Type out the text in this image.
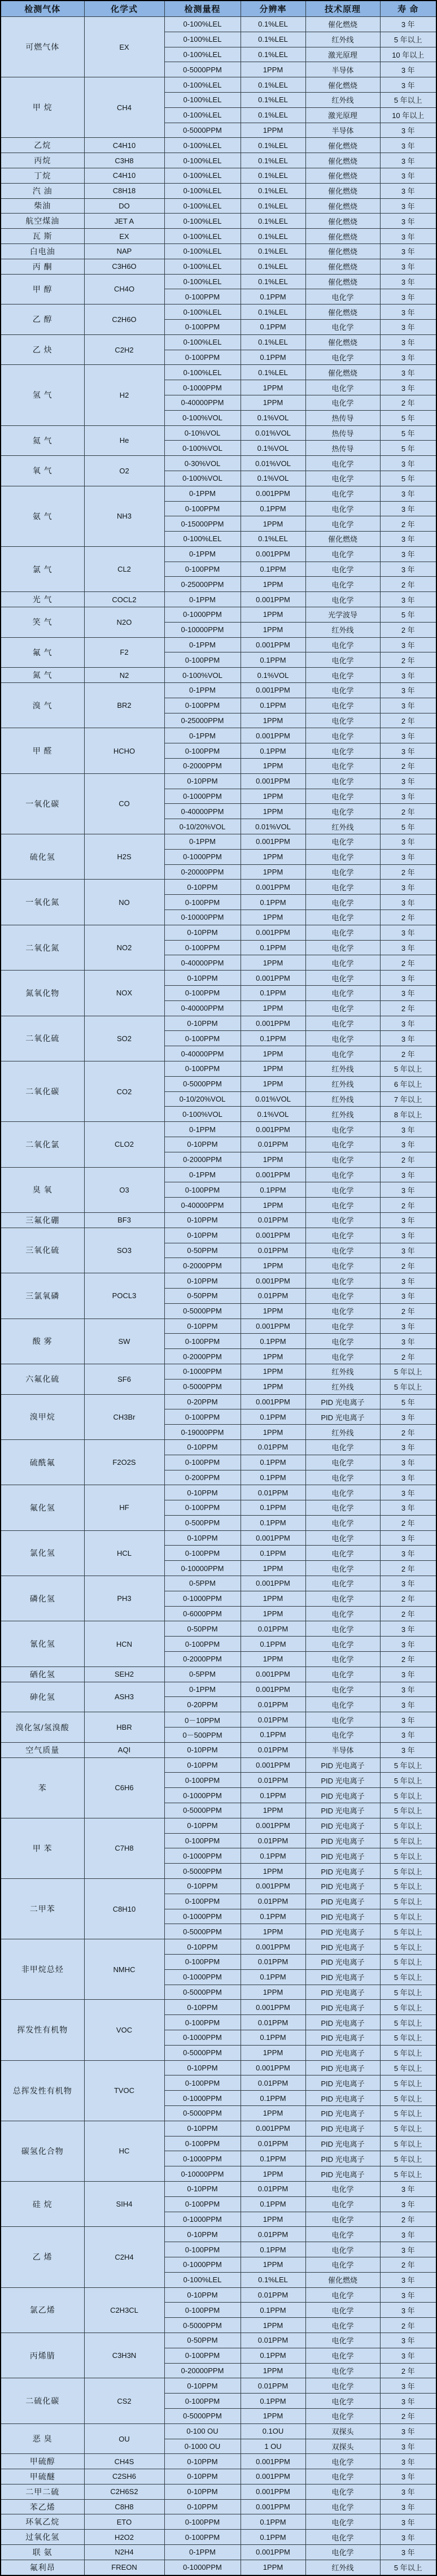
检测气体	化学式	检测量程	分辨率	技术原理	寿 命
可燃气体	EX	0-100%LEL	0.1%LEL	催化燃烧	3 年
		0-100%LEL	0.1%LEL	红外线	5 年以上
		0-100%LEL	0.1%LEL	激光原理	10 年以上
		0-5000PPM	1PPM	半导体	3 年
甲 烷	CH4	0-100%LEL	0.1%LEL	催化燃烧	3 年
		0-100%LEL	0.1%LEL	红外线	5 年以上
		0-100%LEL	0.1%LEL	激光原理	10 年以上
		0-5000PPM	1PPM	半导体	3 年
乙烷	C4H10	0-100%LEL	0.1%LEL	催化燃烧	3 年
丙烷	C3H8	0-100%LEL	0.1%LEL	催化燃烧	3 年
丁烷	C4H10	0-100%LEL	0.1%LEL	催化燃烧	3 年
汽 油	C8H18	0-100%LEL	0.1%LEL	催化燃烧	3 年
柴油	DO	0-100%LEL	0.1%LEL	催化燃烧	3 年
航空煤油	JET A	0-100%LEL	0.1%LEL	催化燃烧	3 年
瓦 斯	EX	0-100%LEL	0.1%LEL	催化燃烧	3 年
白电油	NAP	0-100%LEL	0.1%LEL	催化燃烧	3 年
丙 酮	C3H6O	0-100%LEL	0.1%LEL	催化燃烧	3 年
甲 醇	CH4O	0-100%LEL	0.1%LEL	催化燃烧	3 年
		0-100PPM	0.1PPM	电化学	3 年
乙 醇	C2H6O	0-100%LEL	0.1%LEL	催化燃烧	3 年
		0-100PPM	0.1PPM	电化学	3 年
乙 炔	C2H2	0-100%LEL	0.1%LEL	催化燃烧	3 年
		0-100PPM	0.1PPM	电化学	3 年
氢 气	H2	0-100%LEL	0.1%LEL	催化燃烧	3 年
		0-1000PPM	1PPM	电化学	3 年
		0-40000PPM	1PPM	电化学	2 年
		0-100%VOL	0.1%VOL	热传导	5 年
氦 气	He	0-10%VOL	0.01%VOL	热传导	5 年
		0-100%VOL	0.1%VOL	热传导	5 年
氧 气	O2	0-30%VOL	0.01%VOL	电化学	3 年
		0-100%VOL	0.1%VOL	电化学	5 年
氨 气	NH3	0-1PPM	0.001PPM	电化学	3 年
		0-100PPM	0.1PPM	电化学	3 年
		0-15000PPM	1PPM	电化学	2 年
		0-100%LEL	0.1%LEL	催化燃烧	3 年
氯 气	CL2	0-1PPM	0.001PPM	电化学	3 年
		0-100PPM	0.1PPM	电化学	3 年
		0-25000PPM	1PPM	电化学	2 年
光 气	COCL2	0-1PPM	0.001PPM	电化学	3 年
笑 气	N2O	0-1000PPM	1PPM	光学波导	5 年
		0-10000PPM	1PPM	红外线	2 年
氟 气	F2	0-1PPM	0.001PPM	电化学	3 年
		0-100PPM	0.1PPM	电化学	2 年
氮 气	N2	0-100%VOL	0.1%VOL	电化学	3 年
溴 气	BR2	0-1PPM	0.001PPM	电化学	3 年
		0-100PPM	0.1PPM	电化学	3 年
		0-25000PPM	1PPM	电化学	2 年
甲 醛	HCHO	0-1PPM	0.001PPM	电化学	3 年
		0-100PPM	0.1PPM	电化学	3 年
		0-2000PPM	1PPM	电化学	2 年
一氧化碳	CO	0-10PPM	0.001PPM	电化学	3 年
		0-1000PPM	1PPM	电化学	3 年
		0-40000PPM	1PPM	电化学	2 年
		0-10/20%VOL	0.01%VOL	红外线	5 年
硫化氢	H2S	0-1PPM	0.001PPM	电化学	3 年
		0-1000PPM	1PPM	电化学	3 年
		0-20000PPM	1PPM	电化学	2 年
一氧化氮	NO	0-10PPM	0.001PPM	电化学	3 年
		0-100PPM	0.1PPM	电化学	3 年
		0-10000PPM	1PPM	电化学	2 年
二氧化氮	NO2	0-10PPM	0.001PPM	电化学	3 年
		0-100PPM	0.1PPM	电化学	3 年
		0-40000PPM	1PPM	电化学	2 年
氮氧化物	NOX	0-10PPM	0.001PPM	电化学	3 年
		0-100PPM	0.1PPM	电化学	3 年
		0-40000PPM	1PPM	电化学	2 年
二氧化硫	SO2	0-10PPM	0.001PPM	电化学	3 年
		0-100PPM	0.1PPM	电化学	3 年
		0-40000PPM	1PPM	电化学	2 年
二氧化碳	CO2	0-100PPM	1PPM	红外线	5 年以上
		0-5000PPM	1PPM	红外线	6 年以上
		0-10/20%VOL	0.01%VOL	红外线	7 年以上
		0-100%VOL	0.1%VOL	红外线	8 年以上
二氧化氯	CLO2	0-1PPM	0.001PPM	电化学	3 年
		0-10PPM	0.01PPM	电化学	3 年
		0-2000PPM	1PPM	电化学	2 年
臭 氧	O3	0-1PPM	0.001PPM	电化学	3 年
		0-100PPM	0.1PPM	电化学	3 年
		0-40000PPM	1PPM	电化学	2 年
三氟化硼	BF3	0-10PPM	0.01PPM	电化学	3 年
三氧化硫	SO3	0-10PPM	0.001PPM	电化学	3 年
		0-50PPM	0.01PPM	电化学	3 年
		0-2000PPM	1PPM	电化学	2 年
三氯氧磷	POCL3	0-10PPM	0.001PPM	电化学	3 年
		0-50PPM	0.01PPM	电化学	3 年
		0-5000PPM	1PPM	电化学	2 年
酸 雾	SW	0-10PPM	0.001PPM	电化学	3 年
		0-100PPM	0.1PPM	电化学	3 年
		0-2000PPM	1PPM	电化学	2 年
六氟化硫	SF6	0-1000PPM	1PPM	红外线	5 年以上
		0-5000PPM	1PPM	红外线	5 年以上
溴甲烷	CH3Br	0-20PPM	0.001PPM	PID 光电离子	5 年
		0-100PPM	0.1PPM	PID 光电离子	3 年
		0-19000PPM	1PPM	红外线	2 年
硫酰氟	F2O2S	0-10PPM	0.01PPM	电化学	3 年
		0-100PPM	0.1PPM	电化学	3 年
		0-200PPM	0.1PPM	电化学	3 年
氟化氢	HF	0-10PPM	0.01PPM	电化学	3 年
		0-100PPM	0.1PPM	电化学	3 年
		0-500PPM	0.1PPM	电化学	2 年
氯化氢	HCL	0-10PPM	0.001PPM	电化学	3 年
		0-100PPM	0.1PPM	电化学	3 年
		0-10000PPM	1PPM	电化学	2 年
磷化氢	PH3	0-5PPM	0.001PPM	电化学	3 年
		0-1000PPM	1PPM	电化学	2 年
		0-6000PPM	1PPM	电化学	2 年
氰化氢	HCN	0-50PPM	0.01PPM	电化学	3 年
		0-100PPM	0.1PPM	电化学	3 年
		0-2000PPM	1PPM	电化学	2 年
硒化氢	SEH2	0-5PPM	0.001PPM	电化学	3 年
砷化氢	ASH3	0-1PPM	0.001PPM	电化学	3 年
		0-20PPM	0.01PPM	电化学	3 年
溴化氢/氢溴酸	HBR	0－10PPM	0.01PPM	电化学	3 年
		0－500PPM	0.1PPM	电化学	3 年
空气质量	AQI	0-10PPM	0.01PPM	半导体	3 年
苯	C6H6	0-10PPM	0.001PPM	PID 光电离子	5 年以上
		0-100PPM	0.01PPM	PID 光电离子	5 年以上
		0-1000PPM	0.1PPM	PID 光电离子	5 年以上
		0-5000PPM	1PPM	PID 光电离子	5 年以上
甲 苯	C7H8	0-10PPM	0.001PPM	PID 光电离子	5 年以上
		0-100PPM	0.01PPM	PID 光电离子	5 年以上
		0-1000PPM	0.1PPM	PID 光电离子	5 年以上
		0-5000PPM	1PPM	PID 光电离子	5 年以上
二甲苯	C8H10	0-10PPM	0.001PPM	PID 光电离子	5 年以上
		0-100PPM	0.01PPM	PID 光电离子	5 年以上
		0-1000PPM	0.1PPM	PID 光电离子	5 年以上
		0-5000PPM	1PPM	PID 光电离子	5 年以上
非甲烷总烃	NMHC	0-10PPM	0.001PPM	PID 光电离子	5 年以上
		0-100PPM	0.01PPM	PID 光电离子	5 年以上
		0-1000PPM	0.1PPM	PID 光电离子	5 年以上
		0-5000PPM	1PPM	PID 光电离子	5 年以上
挥发性有机物	VOC	0-10PPM	0.001PPM	PID 光电离子	5 年以上
		0-100PPM	0.01PPM	PID 光电离子	5 年以上
		0-1000PPM	0.1PPM	PID 光电离子	5 年以上
		0-5000PPM	1PPM	PID 光电离子	5 年以上
总挥发性有机物	TVOC	0-10PPM	0.001PPM	PID 光电离子	5 年以上
		0-100PPM	0.01PPM	PID 光电离子	5 年以上
		0-1000PPM	0.1PPM	PID 光电离子	5 年以上
		0-5000PPM	1PPM	PID 光电离子	5 年以上
碳氢化合物	HC	0-10PPM	0.001PPM	PID 光电离子	5 年以上
		0-100PPM	0.01PPM	PID 光电离子	5 年以上
		0-1000PPM	0.1PPM	PID 光电离子	5 年以上
		0-10000PPM	1PPM	PID 光电离子	5 年以上
硅 烷	SIH4	0-10PPM	0.01PPM	电化学	3 年
		0-100PPM	0.1PPM	电化学	3 年
		0-1000PPM	1PPM	电化学	2 年
乙 烯	C2H4	0-10PPM	0.01PPM	电化学	3 年
		0-100PPM	0.1PPM	电化学	3 年
		0-1000PPM	1PPM	电化学	2 年
		0-100%LEL	0.1%LEL	催化燃烧	3 年
氯乙烯	C2H3CL	0-10PPM	0.01PPM	电化学	3 年
		0-100PPM	0.1PPM	电化学	3 年
		0-5000PPM	1PPM	电化学	2 年
丙烯腈	C3H3N	0-50PPM	0.01PPM	电化学	3 年
		0-100PPM	0.1PPM	电化学	3 年
		0-20000PPM	1PPM	电化学	2 年
二硫化碳	CS2	0-10PPM	0.01PPM	电化学	3 年
		0-100PPM	0.1PPM	电化学	3 年
		0-5000PPM	1PPM	电化学	2 年
恶 臭	OU	0-100 OU	0.1OU	双探头	3 年
		0-1000 OU	1 OU	双探头	3 年
甲硫醇	CH4S	0-10PPM	0.001PPM	电化学	3 年
甲硫醚	C2SH6	0-10PPM	0.001PPM	电化学	3 年
二甲二硫	C2H6S2	0-10PPM	0.001PPM	电化学	3 年
苯乙烯	C8H8	0-10PPM	0.001PPM	电化学	3 年
环氧乙烷	ETO	0-100PPM	0.1PPM	电化学	3 年
过氧化氢	H2O2	0-100PPM	0.1PPM	电化学	3 年
联 氨	N2H4	0-1PPM	0.001PPM	电化学	3 年
氟利昂	FREON	0-1000PPM	1PPM	红外线	5 年以上
